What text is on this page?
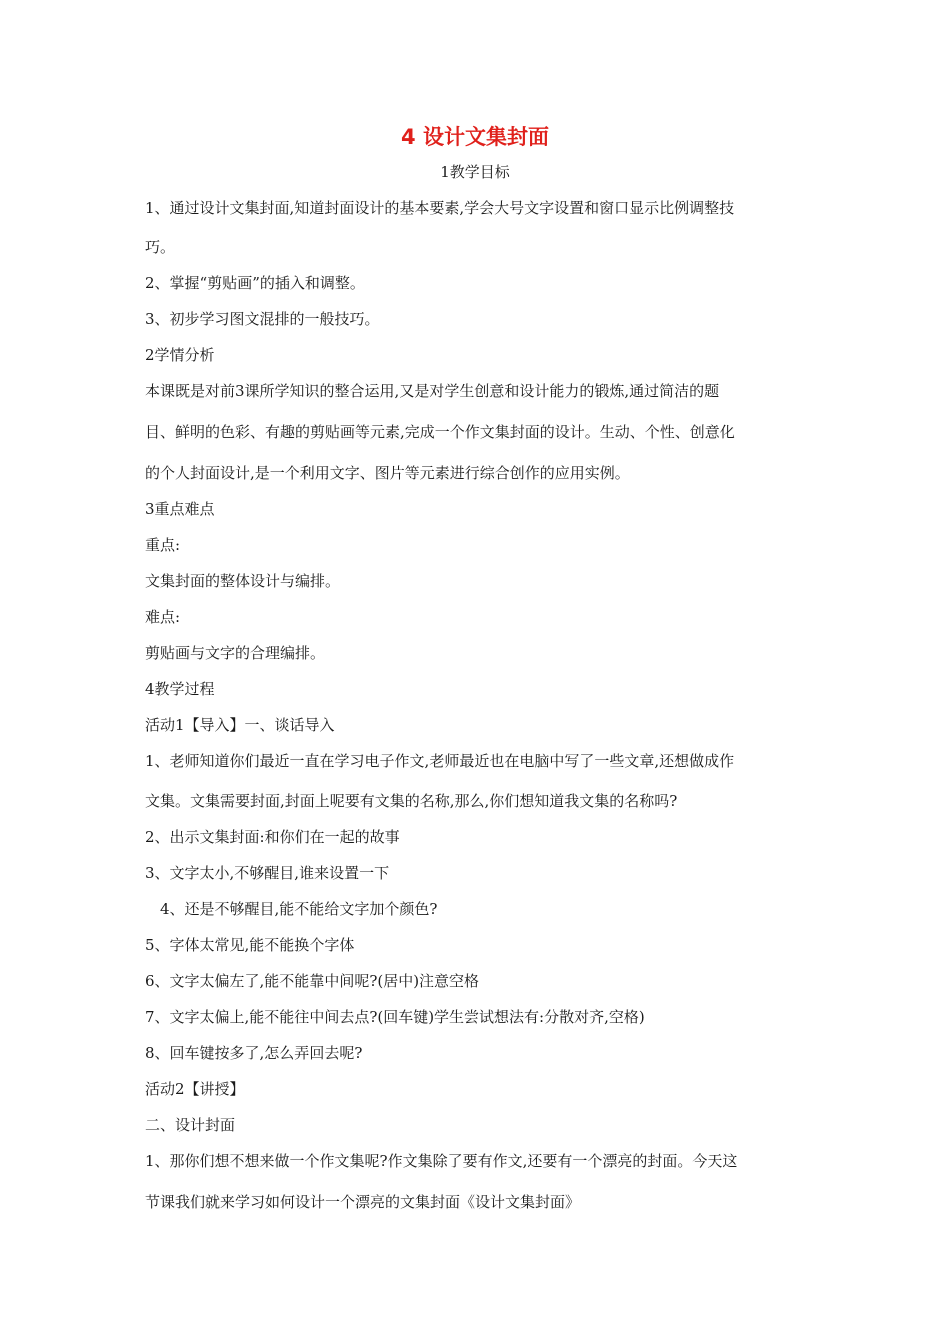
4 设计文集封面
1教学目标
1、通过设计文集封面,知道封面设计的基本要素,学会大号文字设置和窗口显示比例调整技
巧。
2、掌握“剪贴画”的插入和调整。
3、初步学习图文混排的一般技巧。
2学情分析
本课既是对前3课所学知识的整合运用,又是对学生创意和设计能力的锻炼,通过简洁的题
目、鲜明的色彩、有趣的剪贴画等元素,完成一个作文集封面的设计。生动、个性、创意化
的个人封面设计,是一个利用文字、图片等元素进行综合创作的应用实例。
3重点难点
重点:
文集封面的整体设计与编排。
难点:
剪贴画与文字的合理编排。
4教学过程
活动1【导入】一、谈话导入
1、老师知道你们最近一直在学习电子作文,老师最近也在电脑中写了一些文章,还想做成作
文集。文集需要封面,封面上呢要有文集的名称,那么,你们想知道我文集的名称吗?
2、出示文集封面:和你们在一起的故事
3、文字太小,不够醒目,谁来设置一下
4、还是不够醒目,能不能给文字加个颜色?
5、字体太常见,能不能换个字体
6、文字太偏左了,能不能靠中间呢?(居中)注意空格
7、文字太偏上,能不能往中间去点?(回车键)学生尝试想法有:分散对齐,空格)
8、回车键按多了,怎么弄回去呢?
活动2【讲授】
二、设计封面
1、那你们想不想来做一个作文集呢?作文集除了要有作文,还要有一个漂亮的封面。今天这
节课我们就来学习如何设计一个漂亮的文集封面《设计文集封面》
